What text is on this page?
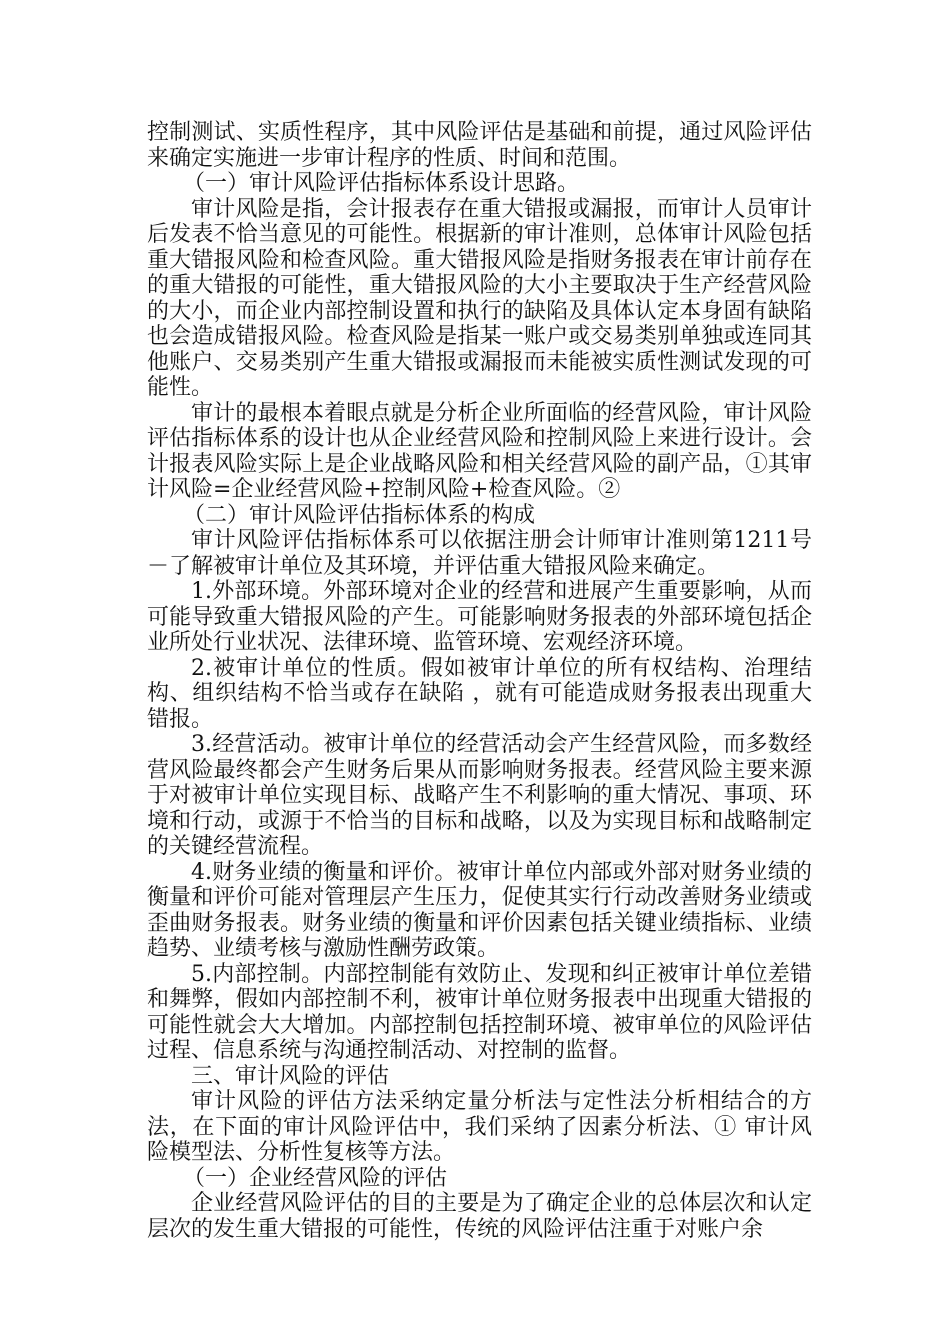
控制测试、实质性程序，其中风险评估是基础和前提，通过风险评估来确定实施进一步审计程序的性质、时间和范围。

（一）审计风险评估指标体系设计思路。

审计风险是指，会计报表存在重大错报或漏报，而审计人员审计后发表不恰当意见的可能性。根据新的审计准则，总体审计风险包括重大错报风险和检查风险。重大错报风险是指财务报表在审计前存在的重大错报的可能性，重大错报风险的大小主要取决于生产经营风险的大小，而企业内部控制设置和执行的缺陷及具体认定本身固有缺陷也会造成错报风险。检查风险是指某一账户或交易类别单独或连同其他账户、交易类别产生重大错报或漏报而未能被实质性测试发现的可能性。

审计的最根本着眼点就是分析企业所面临的经营风险，审计风险评估指标体系的设计也从企业经营风险和控制风险上来进行设计。会计报表风险实际上是企业战略风险和相关经营风险的副产品，①其审计风险=企业经营风险+控制风险+检查风险。②

（二）审计风险评估指标体系的构成

审计风险评估指标体系可以依据注册会计师审计准则第1211号－了解被审计单位及其环境，并评估重大错报风险来确定。

1.外部环境。外部环境对企业的经营和进展产生重要影响，从而可能导致重大错报风险的产生。可能影响财务报表的外部环境包括企业所处行业状况、法律环境、监管环境、宏观经济环境。

2.被审计单位的性质。假如被审计单位的所有权结构、治理结构、组织结构不恰当或存在缺陷 ，就有可能造成财务报表出现重大错报。

3.经营活动。被审计单位的经营活动会产生经营风险，而多数经营风险最终都会产生财务后果从而影响财务报表。经营风险主要来源于对被审计单位实现目标、战略产生不利影响的重大情况、事项、环境和行动，或源于不恰当的目标和战略，以及为实现目标和战略制定的关键经营流程。

4.财务业绩的衡量和评价。被审计单位内部或外部对财务业绩的衡量和评价可能对管理层产生压力，促使其实行行动改善财务业绩或歪曲财务报表。财务业绩的衡量和评价因素包括关键业绩指标、业绩趋势、业绩考核与激励性酬劳政策。

5.内部控制。内部控制能有效防止、发现和纠正被审计单位差错和舞弊，假如内部控制不利，被审计单位财务报表中出现重大错报的可能性就会大大增加。内部控制包括控制环境、被审单位的风险评估过程、信息系统与沟通控制活动、对控制的监督。

三、审计风险的评估

审计风险的评估方法采纳定量分析法与定性法分析相结合的方法，在下面的审计风险评估中，我们采纳了因素分析法、① 审计风险模型法、分析性复核等方法。

（一）企业经营风险的评估

企业经营风险评估的目的主要是为了确定企业的总体层次和认定层次的发生重大错报的可能性，传统的风险评估注重于对账户余
